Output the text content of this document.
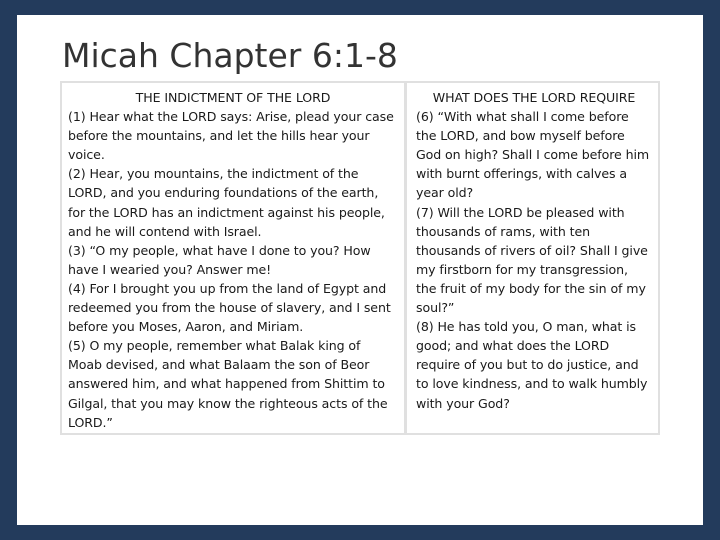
Micah Chapter 6:1-8

THE INDICTMENT OF THE LORD

(1) Hear what the LORD says: Arise, plead your case before the mountains, and let the hills hear your voice.

(2) Hear, you mountains, the indictment of the LORD, and you enduring foundations of the earth, for the LORD has an indictment against his people, and he will contend with Israel.

(3) “O my people, what have I done to you? How have I wearied you? Answer me!

(4) For I brought you up from the land of Egypt and redeemed you from the house of slavery, and I sent before you Moses, Aaron, and Miriam.

(5) O my people, remember what Balak king of Moab devised, and what Balaam the son of Beor answered him, and what happened from Shittim to Gilgal, that you may know the righteous acts of the LORD.”

WHAT DOES THE LORD REQUIRE

(6) “With what shall I come before the LORD, and bow myself before God on high? Shall I come before him with burnt offerings, with calves a year old?

(7) Will the LORD be pleased with thousands of rams, with ten thousands of rivers of oil? Shall I give my firstborn for my transgression, the fruit of my body for the sin of my soul?”

(8) He has told you, O man, what is good; and what does the LORD require of you but to do justice, and to love kindness, and to walk humbly with your God?
